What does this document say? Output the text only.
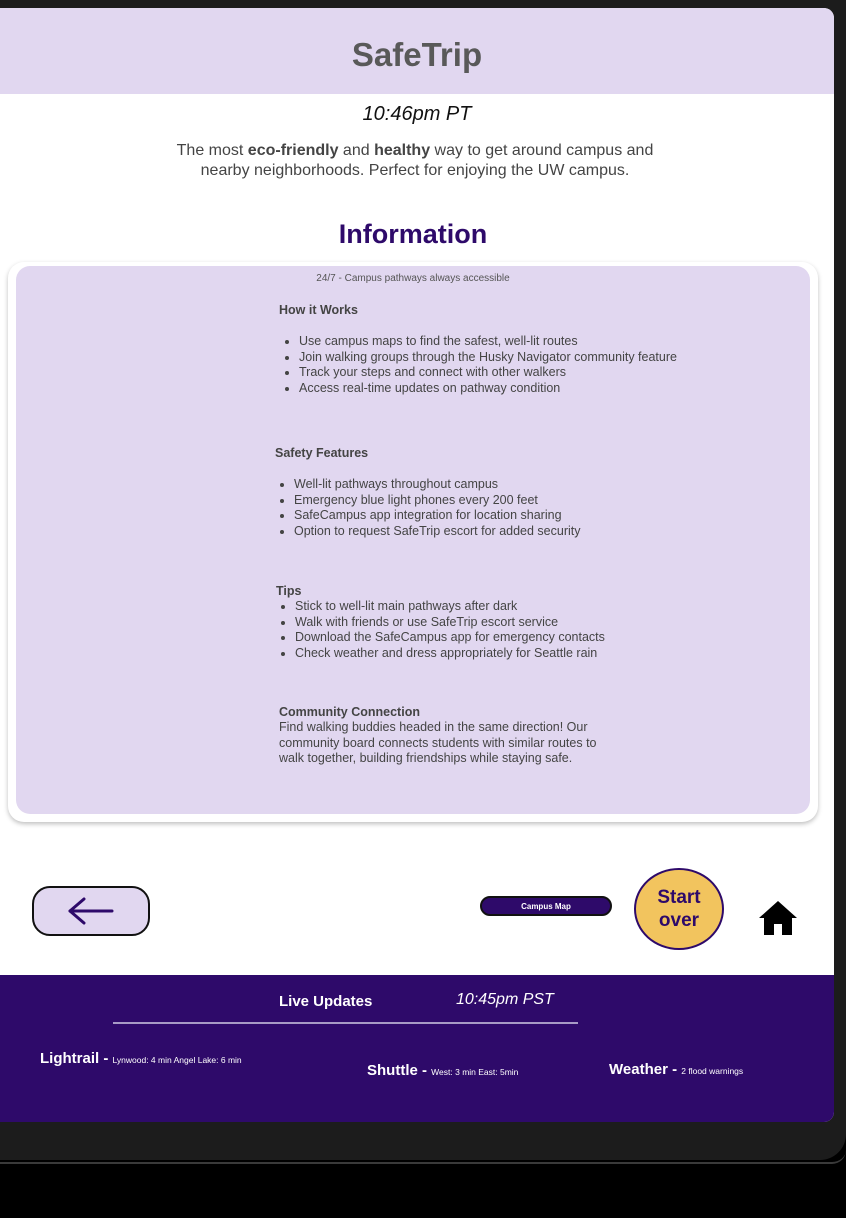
SafeTrip
10:46pm PT
The most eco-friendly and healthy way to get around campus and nearby neighborhoods. Perfect for enjoying the UW campus.
Information
24/7 - Campus pathways always accessible
How it Works
• Use campus maps to find the safest, well-lit routes
• Join walking groups through the Husky Navigator community feature
• Track your steps and connect with other walkers
• Access real-time updates on pathway condition
Safety Features
• Well-lit pathways throughout campus
• Emergency blue light phones every 200 feet
• SafeCampus app integration for location sharing
• Option to request SafeTrip escort for added security
Tips
• Stick to well-lit main pathways after dark
• Walk with friends or use SafeTrip escort service
• Download the SafeCampus app for emergency contacts
• Check weather and dress appropriately for Seattle rain
Community Connection
Find walking buddies headed in the same direction! Our community board connects students with similar routes to walk together, building friendships while staying safe.
Campus Map	Start over
Live Updates	10:45pm PST
Lightrail - Lynwood: 4 min Angel Lake: 6 min
Shuttle - West: 3 min East: 5min	Weather - 2 flood warnings
